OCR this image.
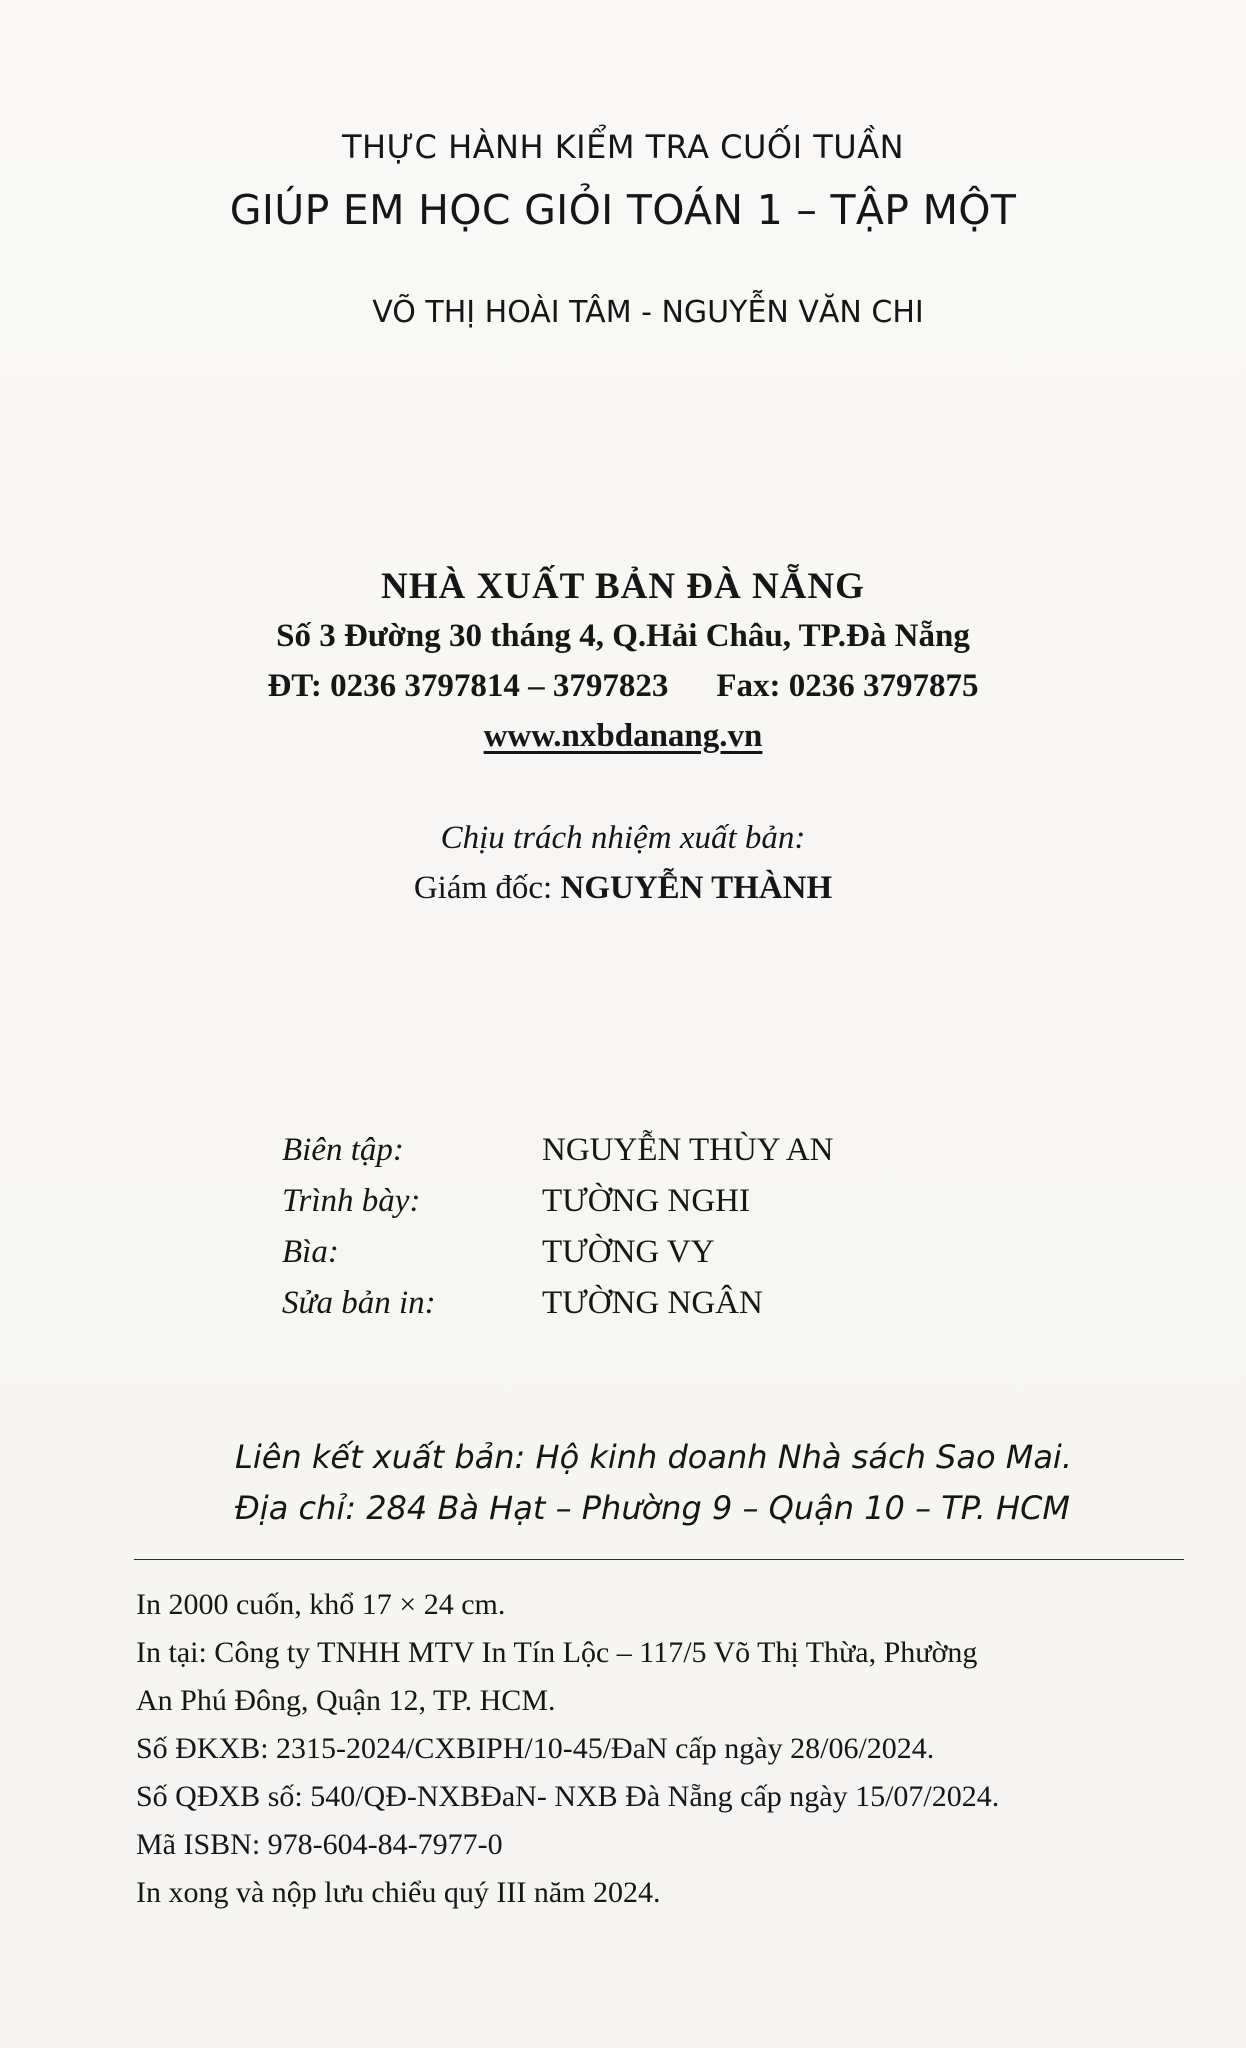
THỰC HÀNH KIỂM TRA CUỐI TUẦN
GIÚP EM HỌC GIỎI TOÁN 1 – TẬP MỘT
VÕ THỊ HOÀI TÂM - NGUYỄN VĂN CHI
NHÀ XUẤT BẢN ĐÀ NẴNG
Số 3 Đường 30 tháng 4, Q.Hải Châu, TP.Đà Nẵng
ĐT: 0236 3797814 – 3797823 Fax: 0236 3797875
www.nxbdanang.vn
Chịu trách nhiệm xuất bản:
Giám đốc: NGUYỄN THÀNH
Biên tập:	NGUYỄN THÙY AN
Trình bày:	TƯỜNG NGHI
Bìa:	TƯỜNG VY
Sửa bản in:	TƯỜNG NGÂN
Liên kết xuất bản: Hộ kinh doanh Nhà sách Sao Mai.
Địa chỉ: 284 Bà Hạt – Phường 9 – Quận 10 – TP. HCM
In 2000 cuốn, khổ 17 × 24 cm.
In tại: Công ty TNHH MTV In Tín Lộc – 117/5 Võ Thị Thừa, Phường
An Phú Đông, Quận 12, TP. HCM.
Số ĐKXB: 2315-2024/CXBIPH/10-45/ĐaN cấp ngày 28/06/2024.
Số QĐXB số: 540/QĐ-NXBĐaN- NXB Đà Nẵng cấp ngày 15/07/2024.
Mã ISBN: 978-604-84-7977-0
In xong và nộp lưu chiểu quý III năm 2024.
